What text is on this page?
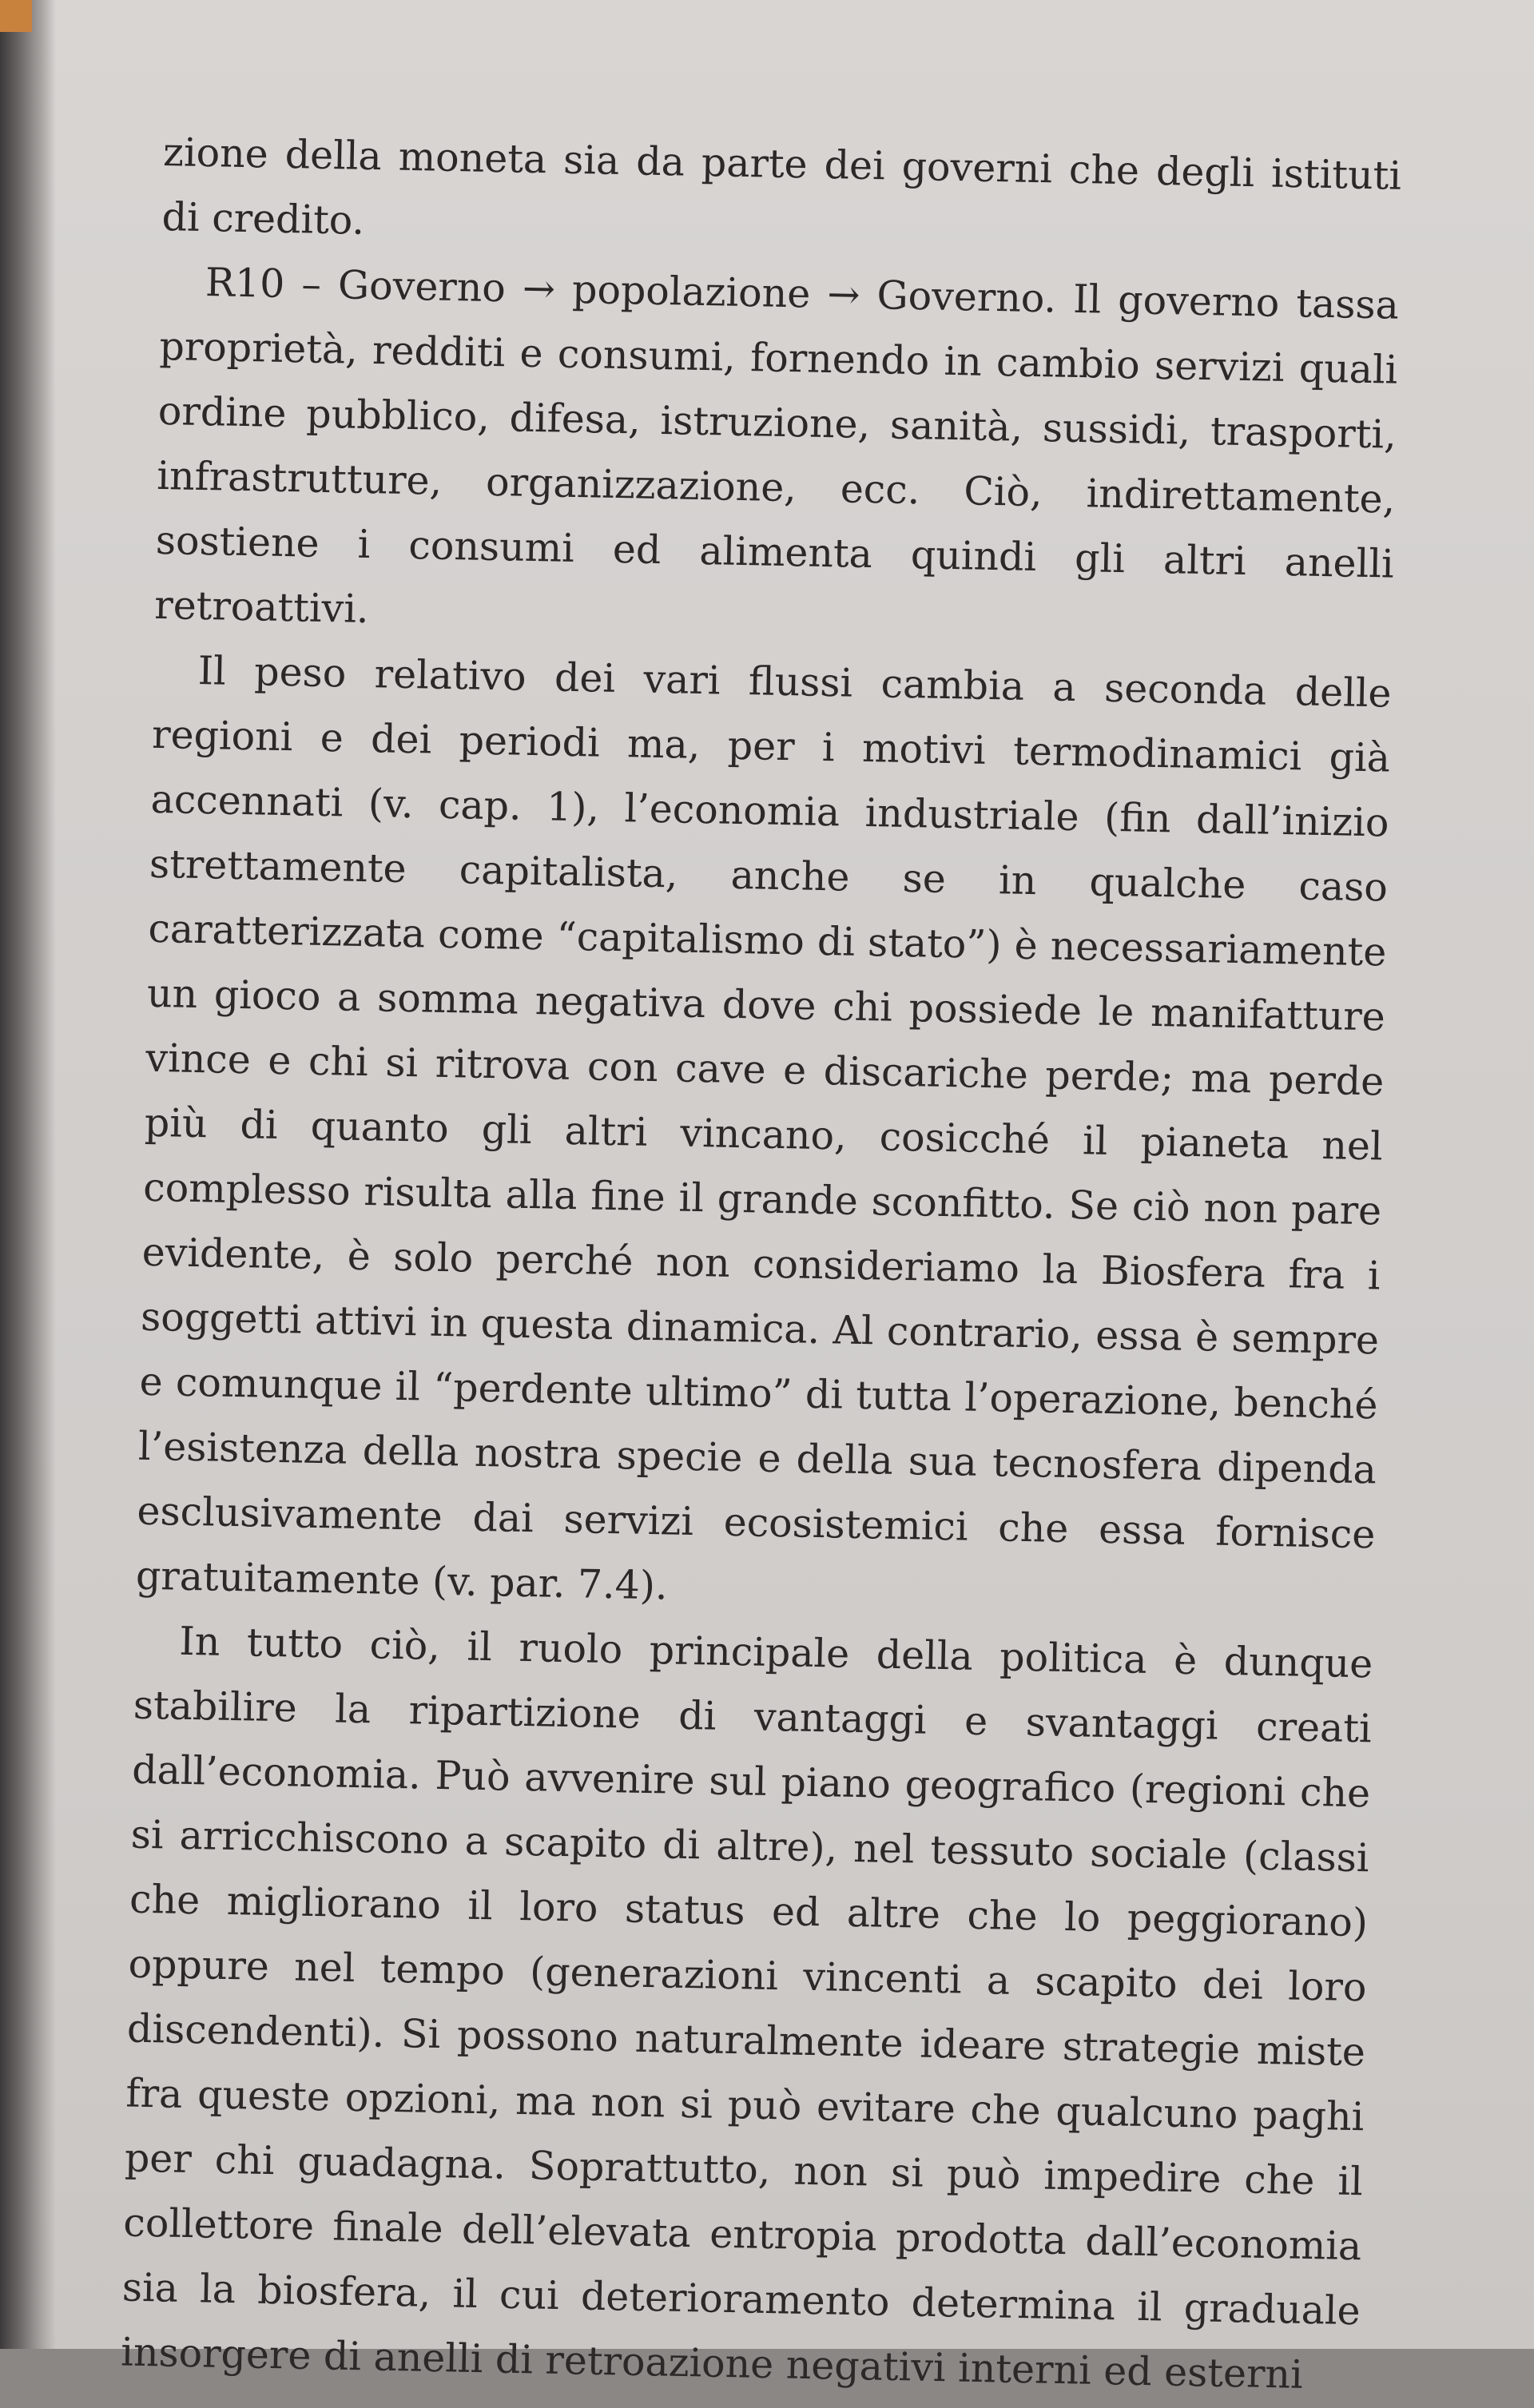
zione della moneta sia da parte dei governi che degli istituti di credito.

R10 – Governo → popolazione → Governo. Il governo tassa proprietà, redditi e consumi, fornendo in cambio servizi quali ordine pubblico, difesa, istruzione, sanità, sussidi, trasporti, infrastrutture, organizzazione, ecc. Ciò, indirettamente, sostiene i consumi ed alimenta quindi gli altri anelli retroattivi.

Il peso relativo dei vari flussi cambia a seconda delle regioni e dei periodi ma, per i motivi termodinamici già accennati (v. cap. 1), l’economia industriale (fin dall’inizio strettamente capitalista, anche se in qualche caso caratterizzata come “capitalismo di stato”) è necessariamente un gioco a somma negativa dove chi possiede le manifatture vince e chi si ritrova con cave e discariche perde; ma perde più di quanto gli altri vincano, cosicché il pianeta nel complesso risulta alla fine il grande sconfitto. Se ciò non pare evidente, è solo perché non consideriamo la Biosfera fra i soggetti attivi in questa dinamica. Al contrario, essa è sempre e comunque il “perdente ultimo” di tutta l’operazione, benché l’esistenza della nostra specie e della sua tecnosfera dipenda esclusivamente dai servizi ecosistemici che essa fornisce gratuitamente (v. par. 7.4).

In tutto ciò, il ruolo principale della politica è dunque stabilire la ripartizione di vantaggi e svantaggi creati dall’economia. Può avvenire sul piano geografico (regioni che si arricchiscono a scapito di altre), nel tessuto sociale (classi che migliorano il loro status ed altre che lo peggiorano) oppure nel tempo (generazioni vincenti a scapito dei loro discendenti). Si possono naturalmente ideare strategie miste fra queste opzioni, ma non si può evitare che qualcuno paghi per chi guadagna. Soprattutto, non si può impedire che il collettore finale dell’elevata entropia prodotta dall’economia sia la biosfera, il cui deterioramento determina il graduale insorgere di anelli di retroazione negativi interni ed esterni
